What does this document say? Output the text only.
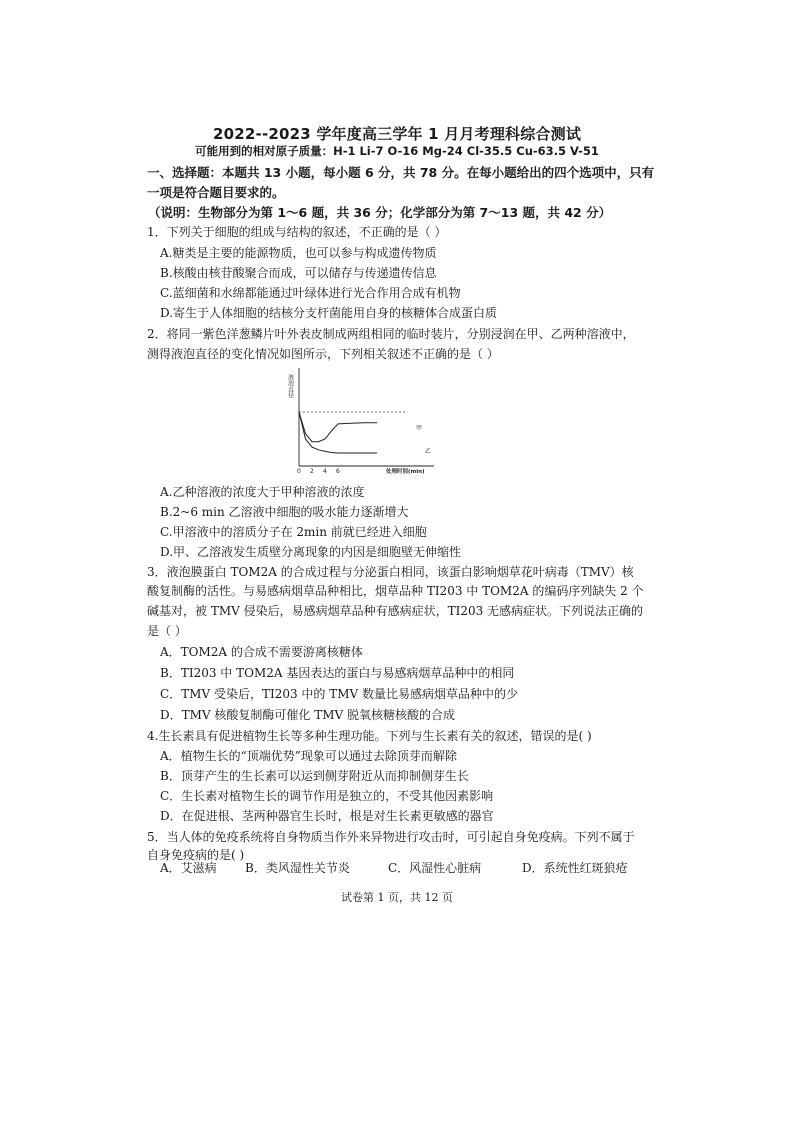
2022--2023 学年度高三学年 1 月月考理科综合测试
可能用到的相对原子质量：H-1 Li-7 O-16 Mg-24 Cl-35.5 Cu-63.5 V-51
一、选择题：本题共 13 小题，每小题 6 分，共 78 分。在每小题给出的四个选项中，只有
一项是符合题目要求的。
（说明：生物部分为第 1～6 题，共 36 分；化学部分为第 7～13 题，共 42 分）
1．下列关于细胞的组成与结构的叙述，不正确的是（ ）
A.糖类是主要的能源物质，也可以参与构成遗传物质
B.核酸由核苷酸聚合而成，可以储存与传递遗传信息
C.蓝细菌和水绵都能通过叶绿体进行光合作用合成有机物
D.寄生于人体细胞的结核分支杆菌能用自身的核糖体合成蛋白质
2．将同一紫色洋葱鳞片叶外表皮制成两组相同的临时装片，分别浸润在甲、乙两种溶液中，
测得液泡直径的变化情况如图所示，下列相关叙述不正确的是（ ）
液泡直径
甲
乙
0 2 4 6	处理时间(min)
A.乙种溶液的浓度大于甲种溶液的浓度
B.2~6 min 乙溶液中细胞的吸水能力逐渐增大
C.甲溶液中的溶质分子在 2min 前就已经进入细胞
D.甲、乙溶液发生质壁分离现象的内因是细胞壁无伸缩性
3．液泡膜蛋白 TOM2A 的合成过程与分泌蛋白相同，该蛋白影响烟草花叶病毒（TMV）核
酸复制酶的活性。与易感病烟草品种相比，烟草品种 TI203 中 TOM2A 的编码序列缺失 2 个
碱基对，被 TMV 侵染后，易感病烟草品种有感病症状，TI203 无感病症状。下列说法正确的
是（ ）
A．TOM2A 的合成不需要游离核糖体
B．TI203 中 TOM2A 基因表达的蛋白与易感病烟草品种中的相同
C．TMV 受染后，TI203 中的 TMV 数量比易感病烟草品种中的少
D．TMV 核酸复制酶可催化 TMV 脱氧核糖核酸的合成
4.生长素具有促进植物生长等多种生理功能。下列与生长素有关的叙述，错误的是( )
A．植物生长的“顶端优势”现象可以通过去除顶芽而解除
B．顶芽产生的生长素可以运到侧芽附近从而抑制侧芽生长
C．生长素对植物生长的调节作用是独立的，不受其他因素影响
D．在促进根、茎两种器官生长时，根是对生长素更敏感的器官
5．当人体的免疫系统将自身物质当作外来异物进行攻击时，可引起自身免疫病。下列不属于
自身免疫病的是( )
A．艾滋病 B．类风湿性关节炎	C．风湿性心脏病	D．系统性红斑狼疮
试卷第 1 页，共 12 页
